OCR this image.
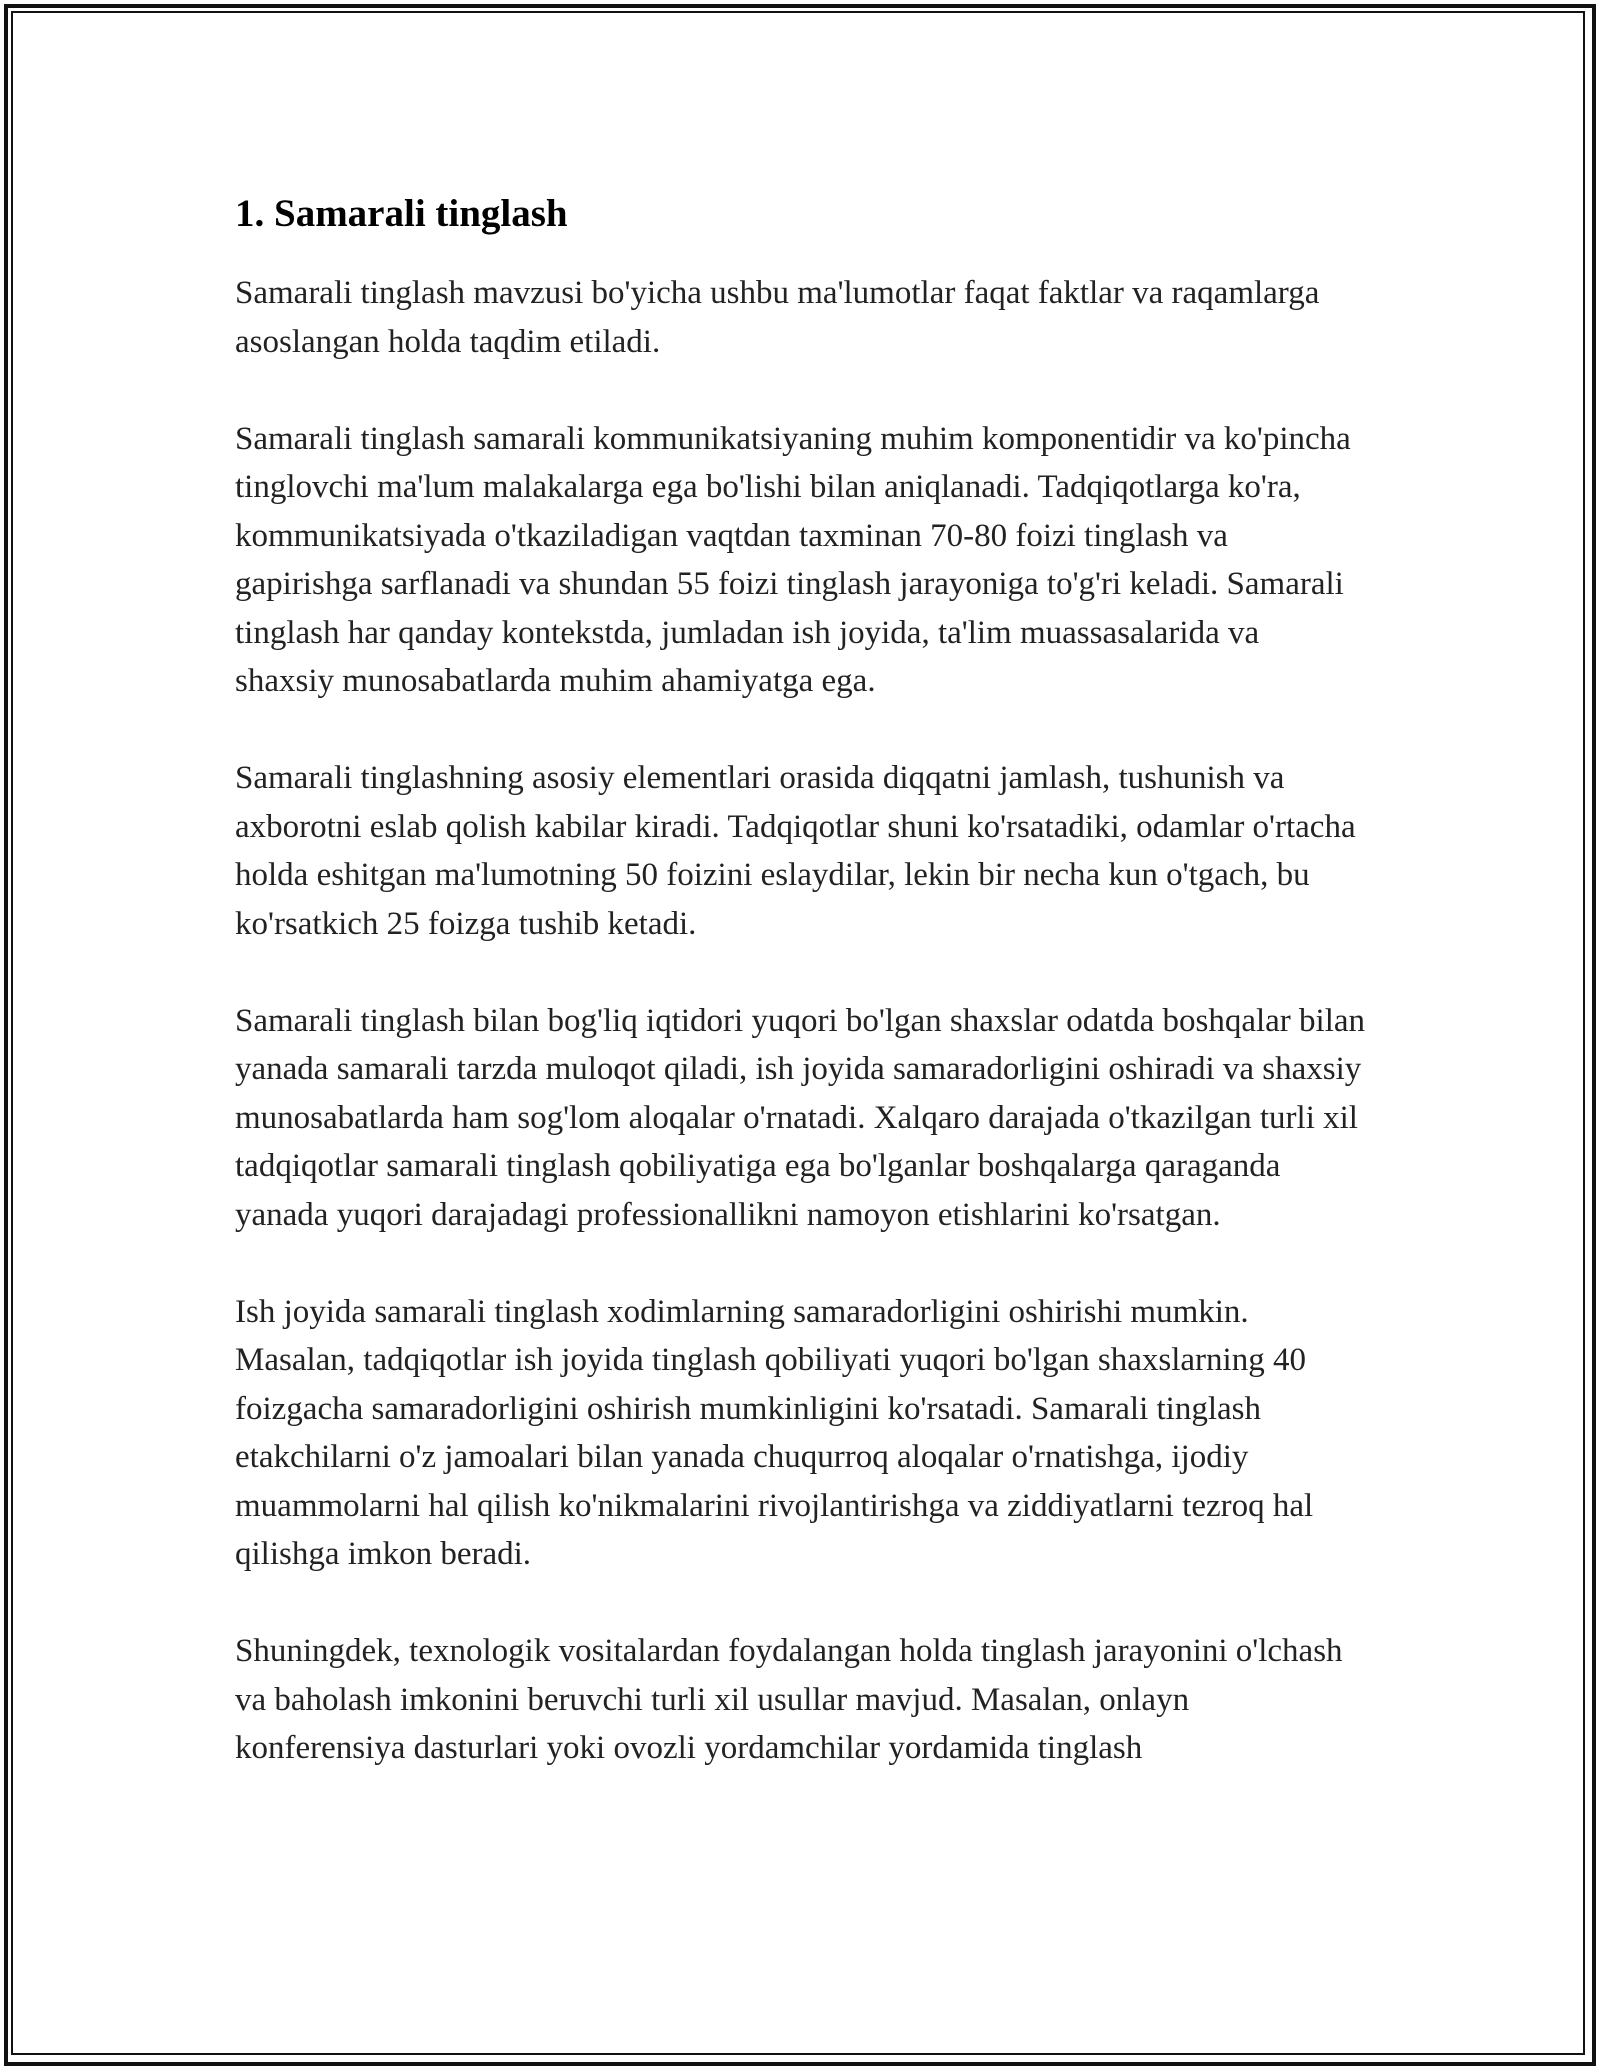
1. Samarali tinglash

Samarali tinglash mavzusi bo'yicha ushbu ma'lumotlar faqat faktlar va raqamlarga asoslangan holda taqdim etiladi.

Samarali tinglash samarali kommunikatsiyaning muhim komponentidir va ko'pincha tinglovchi ma'lum malakalarga ega bo'lishi bilan aniqlanadi. Tadqiqotlarga ko'ra, kommunikatsiyada o'tkaziladigan vaqtdan taxminan 70-80 foizi tinglash va gapirishga sarflanadi va shundan 55 foizi tinglash jarayoniga to'g'ri keladi. Samarali tinglash har qanday kontekstda, jumladan ish joyida, ta'lim muassasalarida va shaxsiy munosabatlarda muhim ahamiyatga ega.

Samarali tinglashning asosiy elementlari orasida diqqatni jamlash, tushunish va axborotni eslab qolish kabilar kiradi. Tadqiqotlar shuni ko'rsatadiki, odamlar o'rtacha holda eshitgan ma'lumotning 50 foizini eslaydilar, lekin bir necha kun o'tgach, bu ko'rsatkich 25 foizga tushib ketadi.

Samarali tinglash bilan bog'liq iqtidori yuqori bo'lgan shaxslar odatda boshqalar bilan yanada samarali tarzda muloqot qiladi, ish joyida samaradorligini oshiradi va shaxsiy munosabatlarda ham sog'lom aloqalar o'rnatadi. Xalqaro darajada o'tkazilgan turli xil tadqiqotlar samarali tinglash qobiliyatiga ega bo'lganlar boshqalarga qaraganda yanada yuqori darajadagi professionallikni namoyon etishlarini ko'rsatgan.

Ish joyida samarali tinglash xodimlarning samaradorligini oshirishi mumkin. Masalan, tadqiqotlar ish joyida tinglash qobiliyati yuqori bo'lgan shaxslarning 40 foizgacha samaradorligini oshirish mumkinligini ko'rsatadi. Samarali tinglash etakchilarni o'z jamoalari bilan yanada chuqurroq aloqalar o'rnatishga, ijodiy muammolarni hal qilish ko'nikmalarini rivojlantirishga va ziddiyatlarni tezroq hal qilishga imkon beradi.

Shuningdek, texnologik vositalardan foydalangan holda tinglash jarayonini o'lchash va baholash imkonini beruvchi turli xil usullar mavjud. Masalan, onlayn konferensiya dasturlari yoki ovozli yordamchilar yordamida tinglash
